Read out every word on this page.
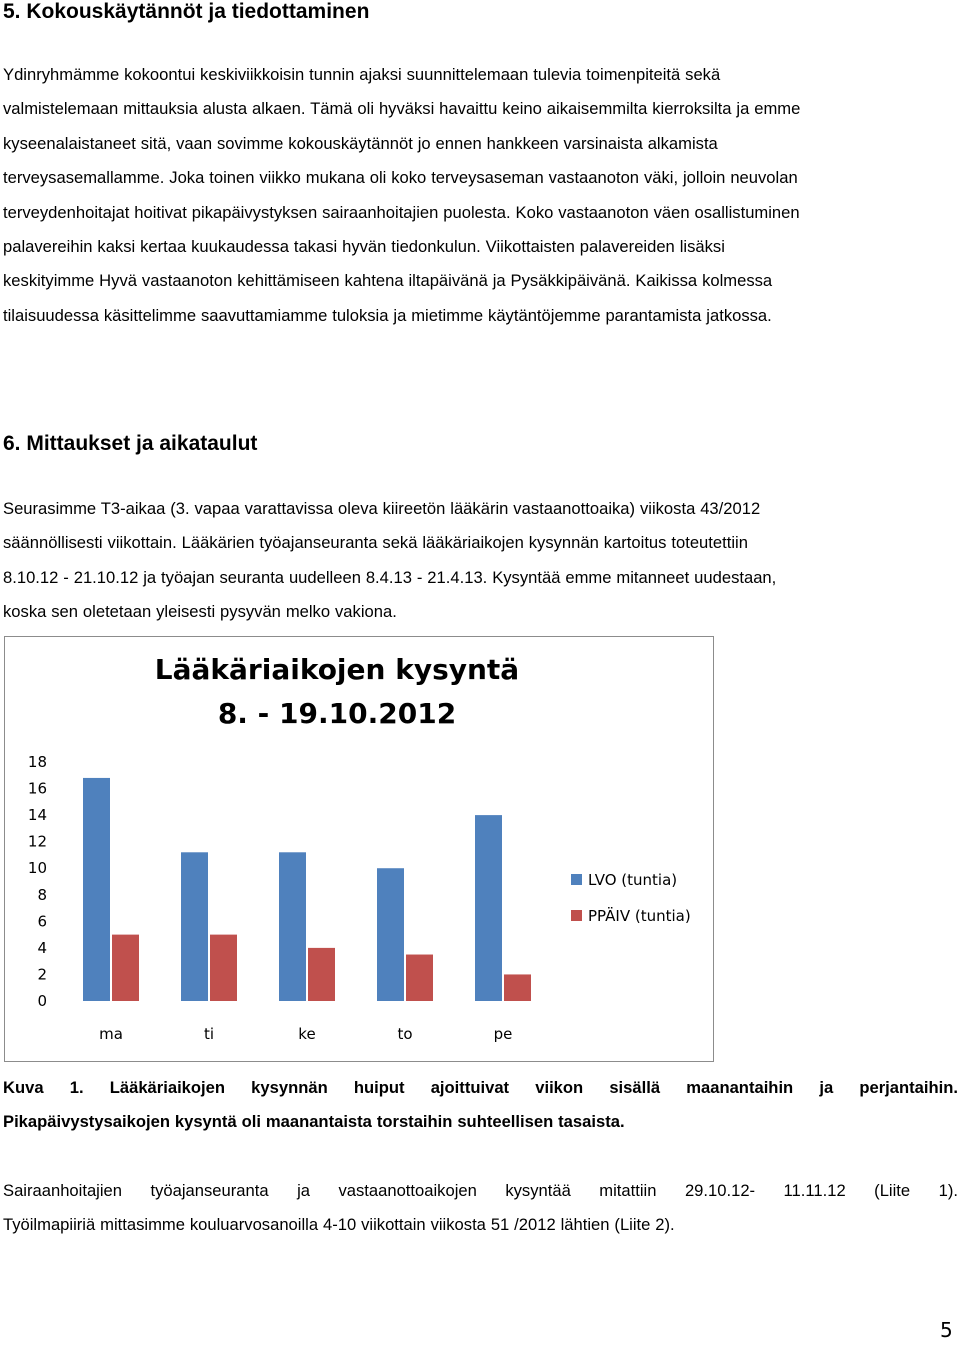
5. Kokouskäytännöt ja tiedottaminen

Ydinryhmämme kokoontui keskiviikkoisin tunnin ajaksi suunnittelemaan tulevia toimenpiteitä sekä
valmistelemaan mittauksia alusta alkaen. Tämä oli hyväksi havaittu keino aikaisemmilta kierroksilta ja emme
kyseenalaistaneet sitä, vaan sovimme kokouskäytännöt jo ennen hankkeen varsinaista alkamista
terveysasemallamme. Joka toinen viikko mukana oli koko terveysaseman vastaanoton väki, jolloin neuvolan
terveydenhoitajat hoitivat pikapäivystyksen sairaanhoitajien puolesta. Koko vastaanoton väen osallistuminen
palavereihin kaksi kertaa kuukaudessa takasi hyvän tiedonkulun. Viikottaisten palavereiden lisäksi
keskityimme Hyvä vastaanoton kehittämiseen kahtena iltapäivänä ja Pysäkkipäivänä. Kaikissa kolmessa
tilaisuudessa käsittelimme saavuttamiamme tuloksia ja mietimme käytäntöjemme parantamista jatkossa.

6. Mittaukset ja aikataulut

Seurasimme T3-aikaa (3. vapaa varattavissa oleva kiireetön lääkärin vastaanottoaika) viikosta 43/2012
säännöllisesti viikottain. Lääkärien työajanseuranta sekä lääkäriaikojen kysynnän kartoitus toteutettiin
8.10.12 - 21.10.12 ja työajan seuranta uudelleen 8.4.13 - 21.4.13. Kysyntää emme mitanneet uudestaan,
koska sen oletetaan yleisesti pysyvän melko vakiona.

Lääkäriaikojen kysyntä
8. - 19.10.2012
18
16
14
12
10
8
6
4
2
0
ma	ti	ke	to	pe
LVO (tuntia)
PPÄIV (tuntia)

Kuva 1. Lääkäriaikojen kysynnän huiput ajoittuivat viikon sisällä maanantaihin ja perjantaihin.
Pikapäivystysaikojen kysyntä oli maanantaista torstaihin suhteellisen tasaista.

Sairaanhoitajien työajanseuranta ja vastaanottoaikojen kysyntää mitattiin 29.10.12- 11.11.12 (Liite 1).
Työilmapiiriä mittasimme kouluarvosanoilla 4-10 viikottain viikosta 51 /2012 lähtien (Liite 2).

5
